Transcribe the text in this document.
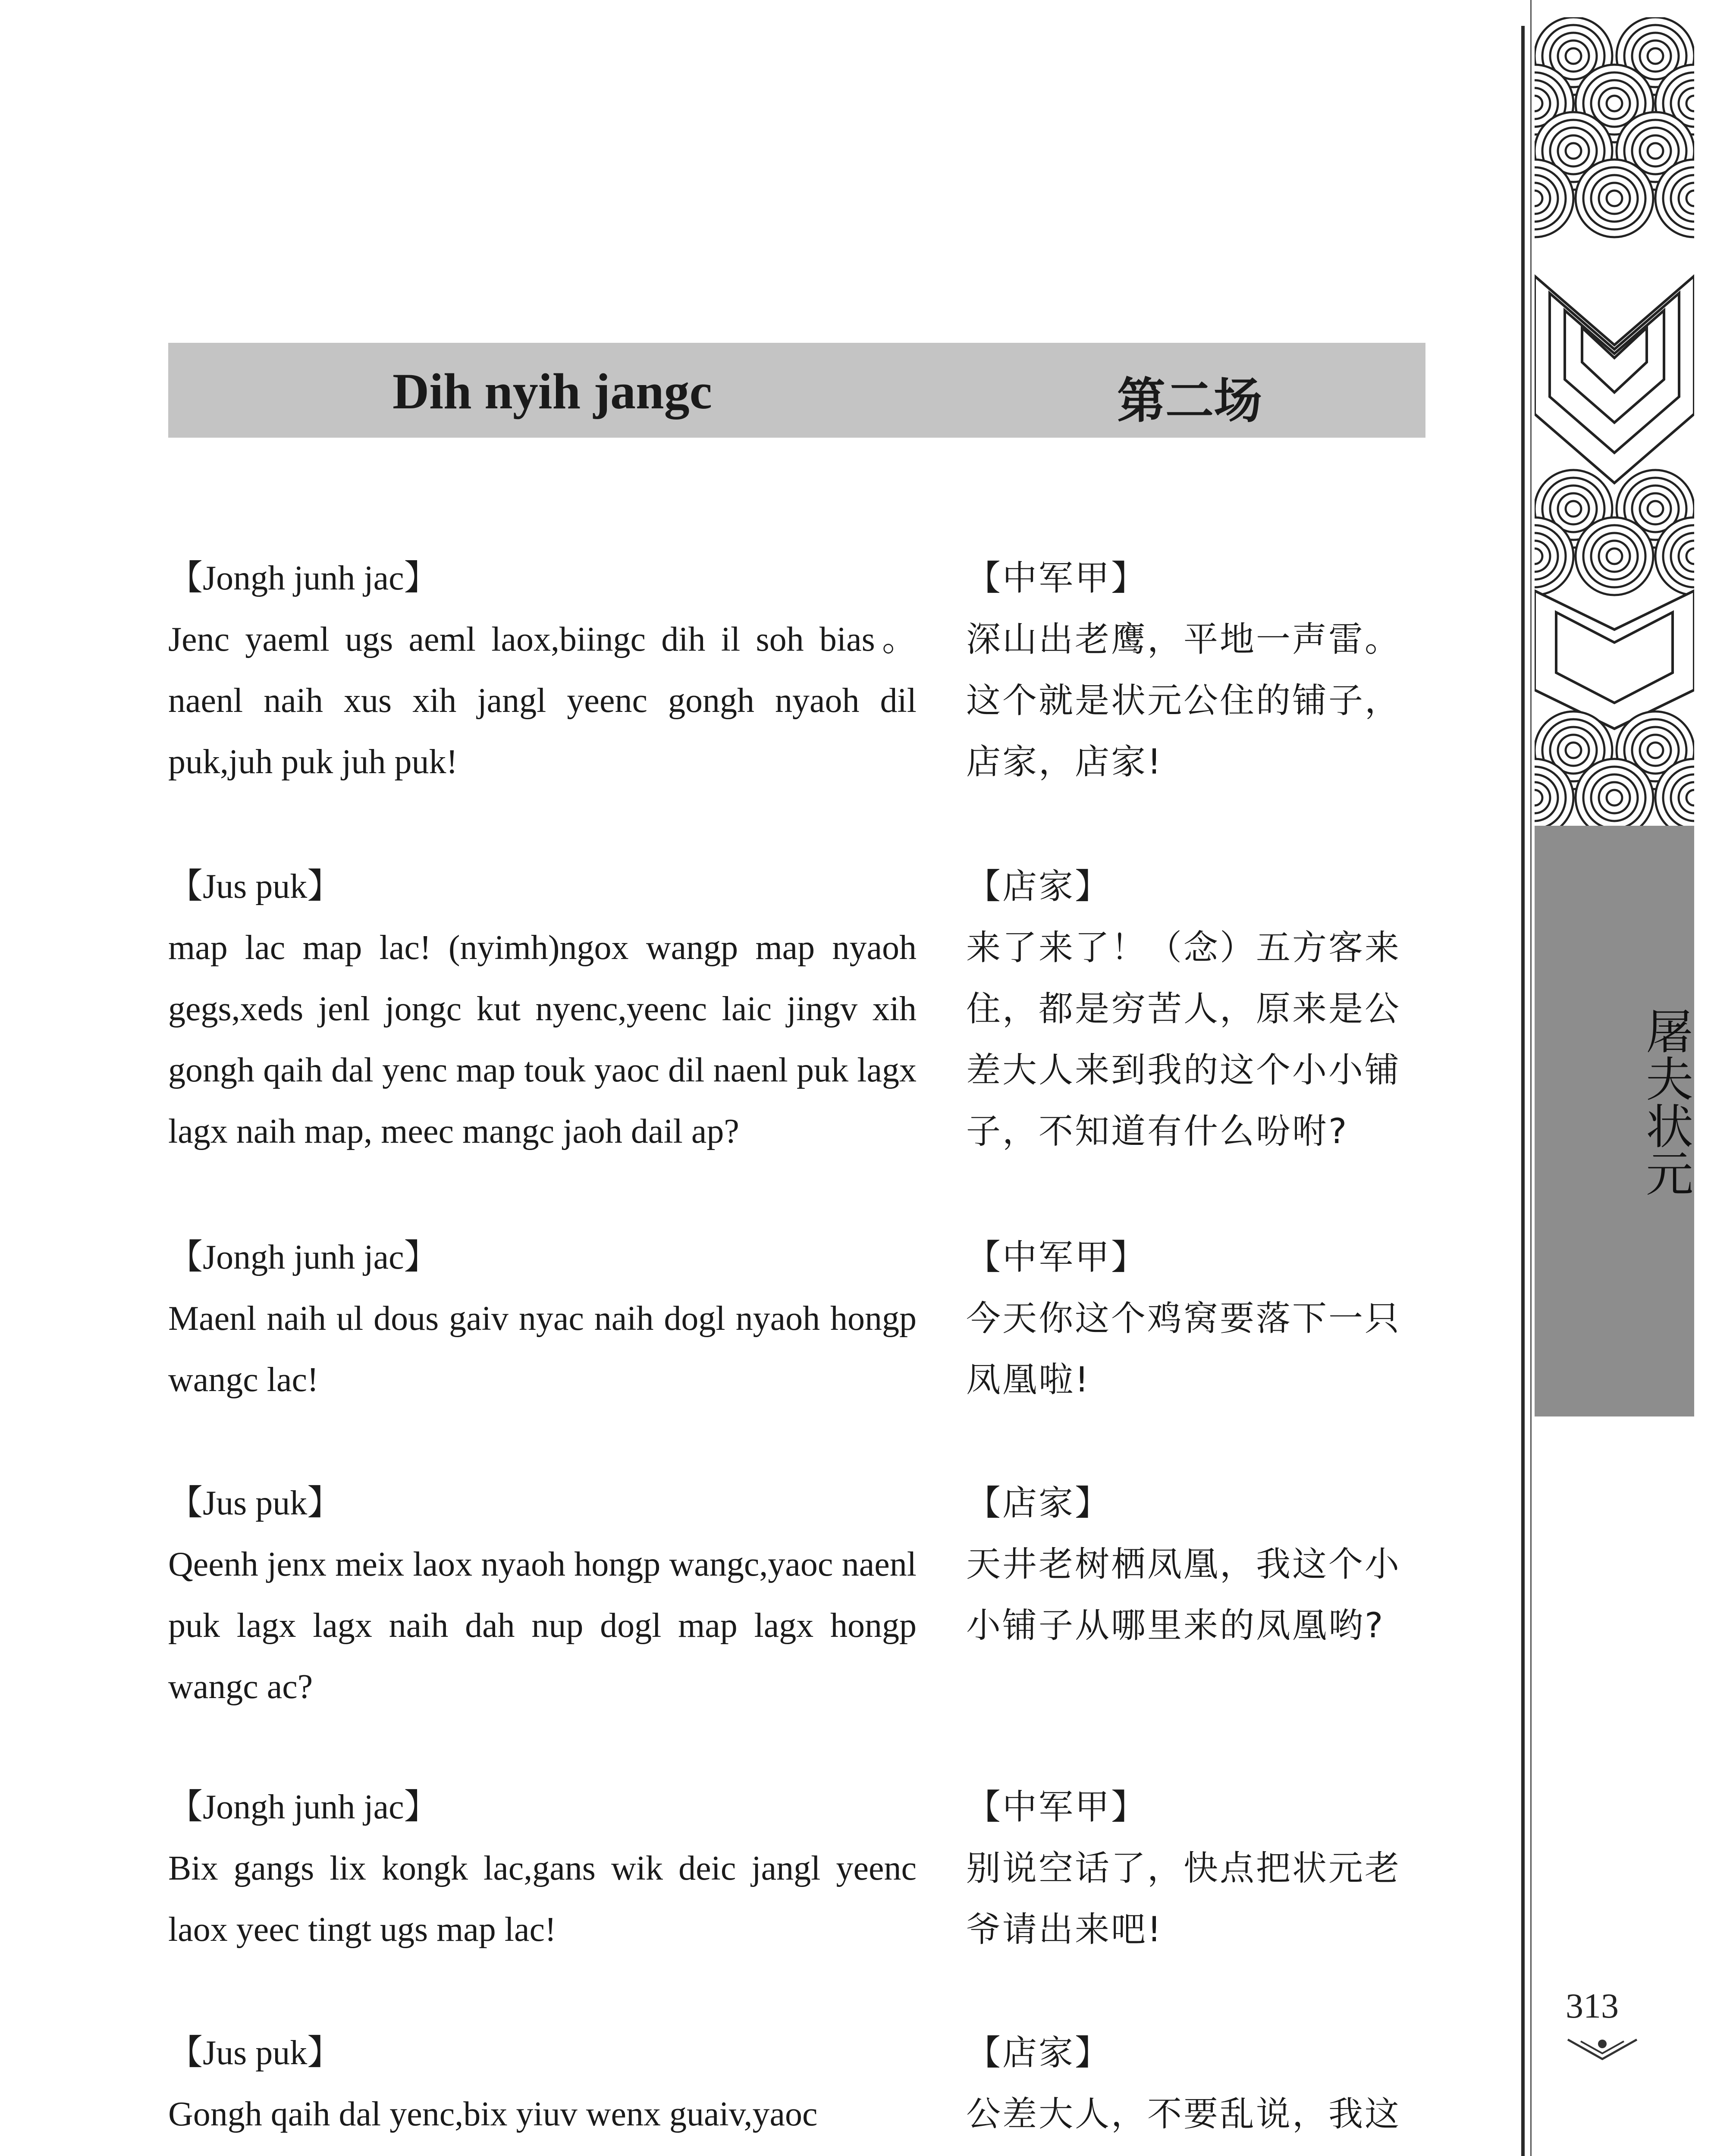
屠夫状元
313
Dih nyih jangc	第二场

【Jongh junh jac】

Jenc yaeml ugs aeml laox,biingc dih il soh bias。naenl naih xus xih jangl yeenc gongh nyaoh dil puk,juh puk juh puk!

【中军甲】

深山出老鹰，平地一声雷。这个就是状元公住的铺子，店家，店家!

【Jus puk】

map lac map lac! (nyimh)ngox wangp map nyaoh gegs,xeds jenl jongc kut nyenc,yeenc laic jingv xih gongh qaih dal yenc map touk yaoc dil naenl puk lagx lagx naih map, meec mangc jaoh dail ap?

【店家】

来了来了！（念）五方客来住，都是穷苦人，原来是公差大人来到我的这个小小铺子，不知道有什么吩咐?

【Jongh junh jac】

Maenl naih ul dous gaiv nyac naih dogl nyaoh hongp wangc lac!

【中军甲】

今天你这个鸡窝要落下一只凤凰啦!

【Jus puk】

Qeenh jenx meix laox nyaoh hongp wangc,yaoc naenl puk lagx lagx naih dah nup dogl map lagx hongp wangc ac?

【店家】

天井老树栖凤凰，我这个小小铺子从哪里来的凤凰哟?

【Jongh junh jac】

Bix gangs lix kongk lac,gans wik deic jangl yeenc laox yeec tingt ugs map lac!

【中军甲】

别说空话了，快点把状元老爷请出来吧!

【Jus puk】

Gongh qaih dal yenc,bix yiuv wenx guaiv,yaoc

【店家】

公差大人，不要乱说，我这
